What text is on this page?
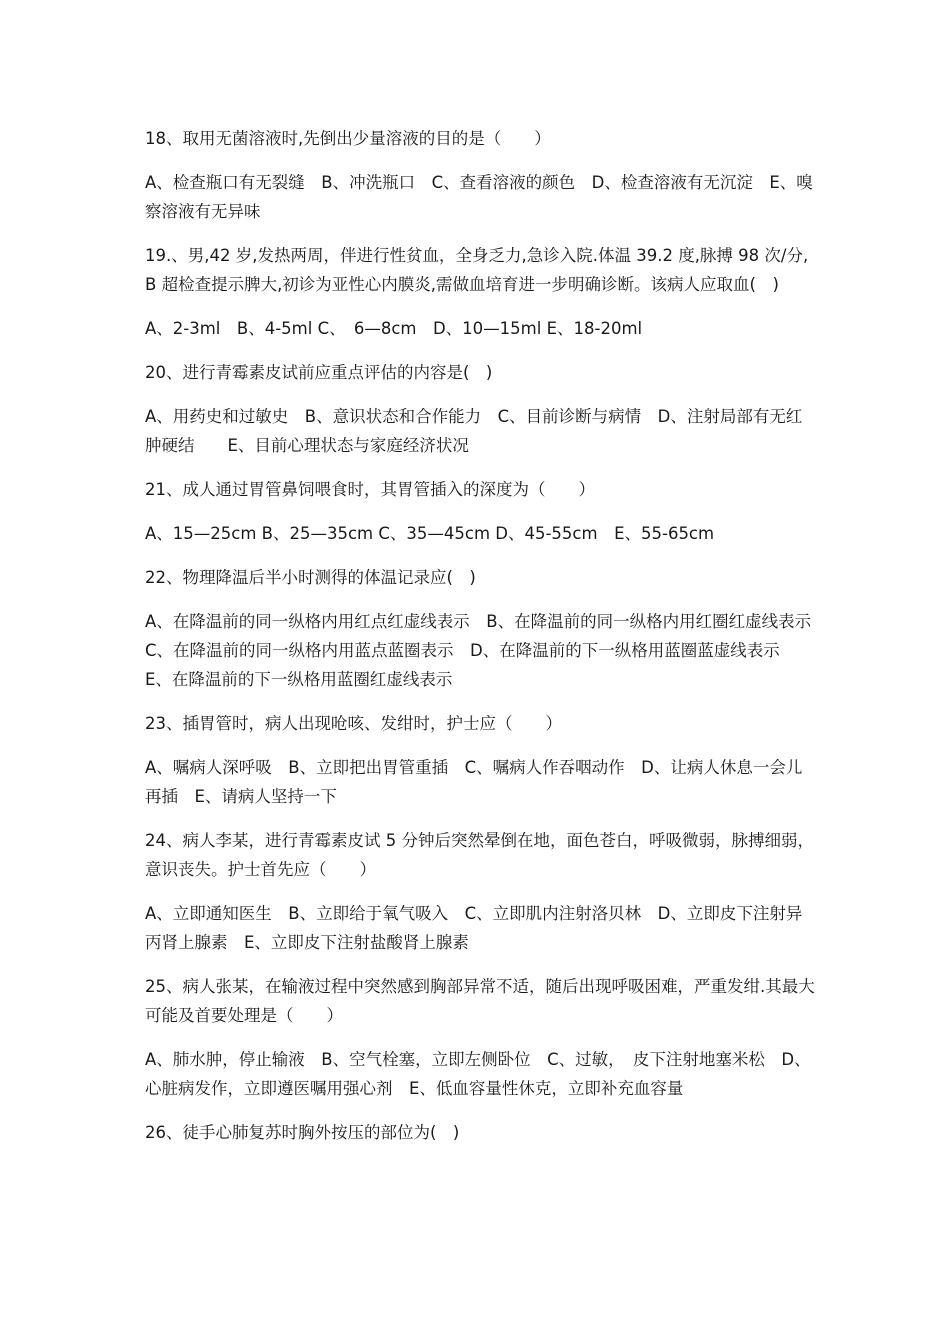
18、取用无菌溶液时,先倒出少量溶液的目的是（　　）

A、检查瓶口有无裂缝　B、冲洗瓶口　C、查看溶液的颜色　D、检查溶液有无沉淀　E、嗅察溶液有无异味

19.、男,42 岁,发热两周，伴进行性贫血，全身乏力,急诊入院.体温 39.2 度,脉搏 98 次/分,B 超检查提示脾大,初诊为亚性心内膜炎,需做血培育进一步明确诊断。该病人应取血(　)

A、2-3ml　B、4-5ml C、　6—8cm　D、10—15ml E、18-20ml

20、进行青霉素皮试前应重点评估的内容是(　)

A、用药史和过敏史　B、意识状态和合作能力　C、目前诊断与病情　D、注射局部有无红肿硬结　　E、目前心理状态与家庭经济状况

21、成人通过胃管鼻饲喂食时，其胃管插入的深度为（　　）

A、15—25cm B、25—35cm C、35—45cm D、45-55cm　E、55-65cm

22、物理降温后半小时测得的体温记录应(　)

A、在降温前的同一纵格内用红点红虚线表示　B、在降温前的同一纵格内用红圈红虚线表示　C、在降温前的同一纵格内用蓝点蓝圈表示　D、在降温前的下一纵格用蓝圈蓝虚线表示　E、在降温前的下一纵格用蓝圈红虚线表示

23、插胃管时，病人出现呛咳、发绀时，护士应（　　）

A、嘱病人深呼吸　B、立即把出胃管重插　C、嘱病人作吞咽动作　D、让病人休息一会儿再插　E、请病人坚持一下

24、病人李某，进行青霉素皮试 5 分钟后突然晕倒在地，面色苍白，呼吸微弱，脉搏细弱，意识丧失。护士首先应（　　）

A、立即通知医生　B、立即给于氧气吸入　C、立即肌内注射洛贝林　D、立即皮下注射异丙肾上腺素　E、立即皮下注射盐酸肾上腺素

25、病人张某，在输液过程中突然感到胸部异常不适，随后出现呼吸困难，严重发绀.其最大可能及首要处理是（　　）

A、肺水肿，停止输液　B、空气栓塞，立即左侧卧位　C、过敏，　皮下注射地塞米松　D、心脏病发作，立即遵医嘱用强心剂　E、低血容量性休克，立即补充血容量

26、徒手心肺复苏时胸外按压的部位为(　)
